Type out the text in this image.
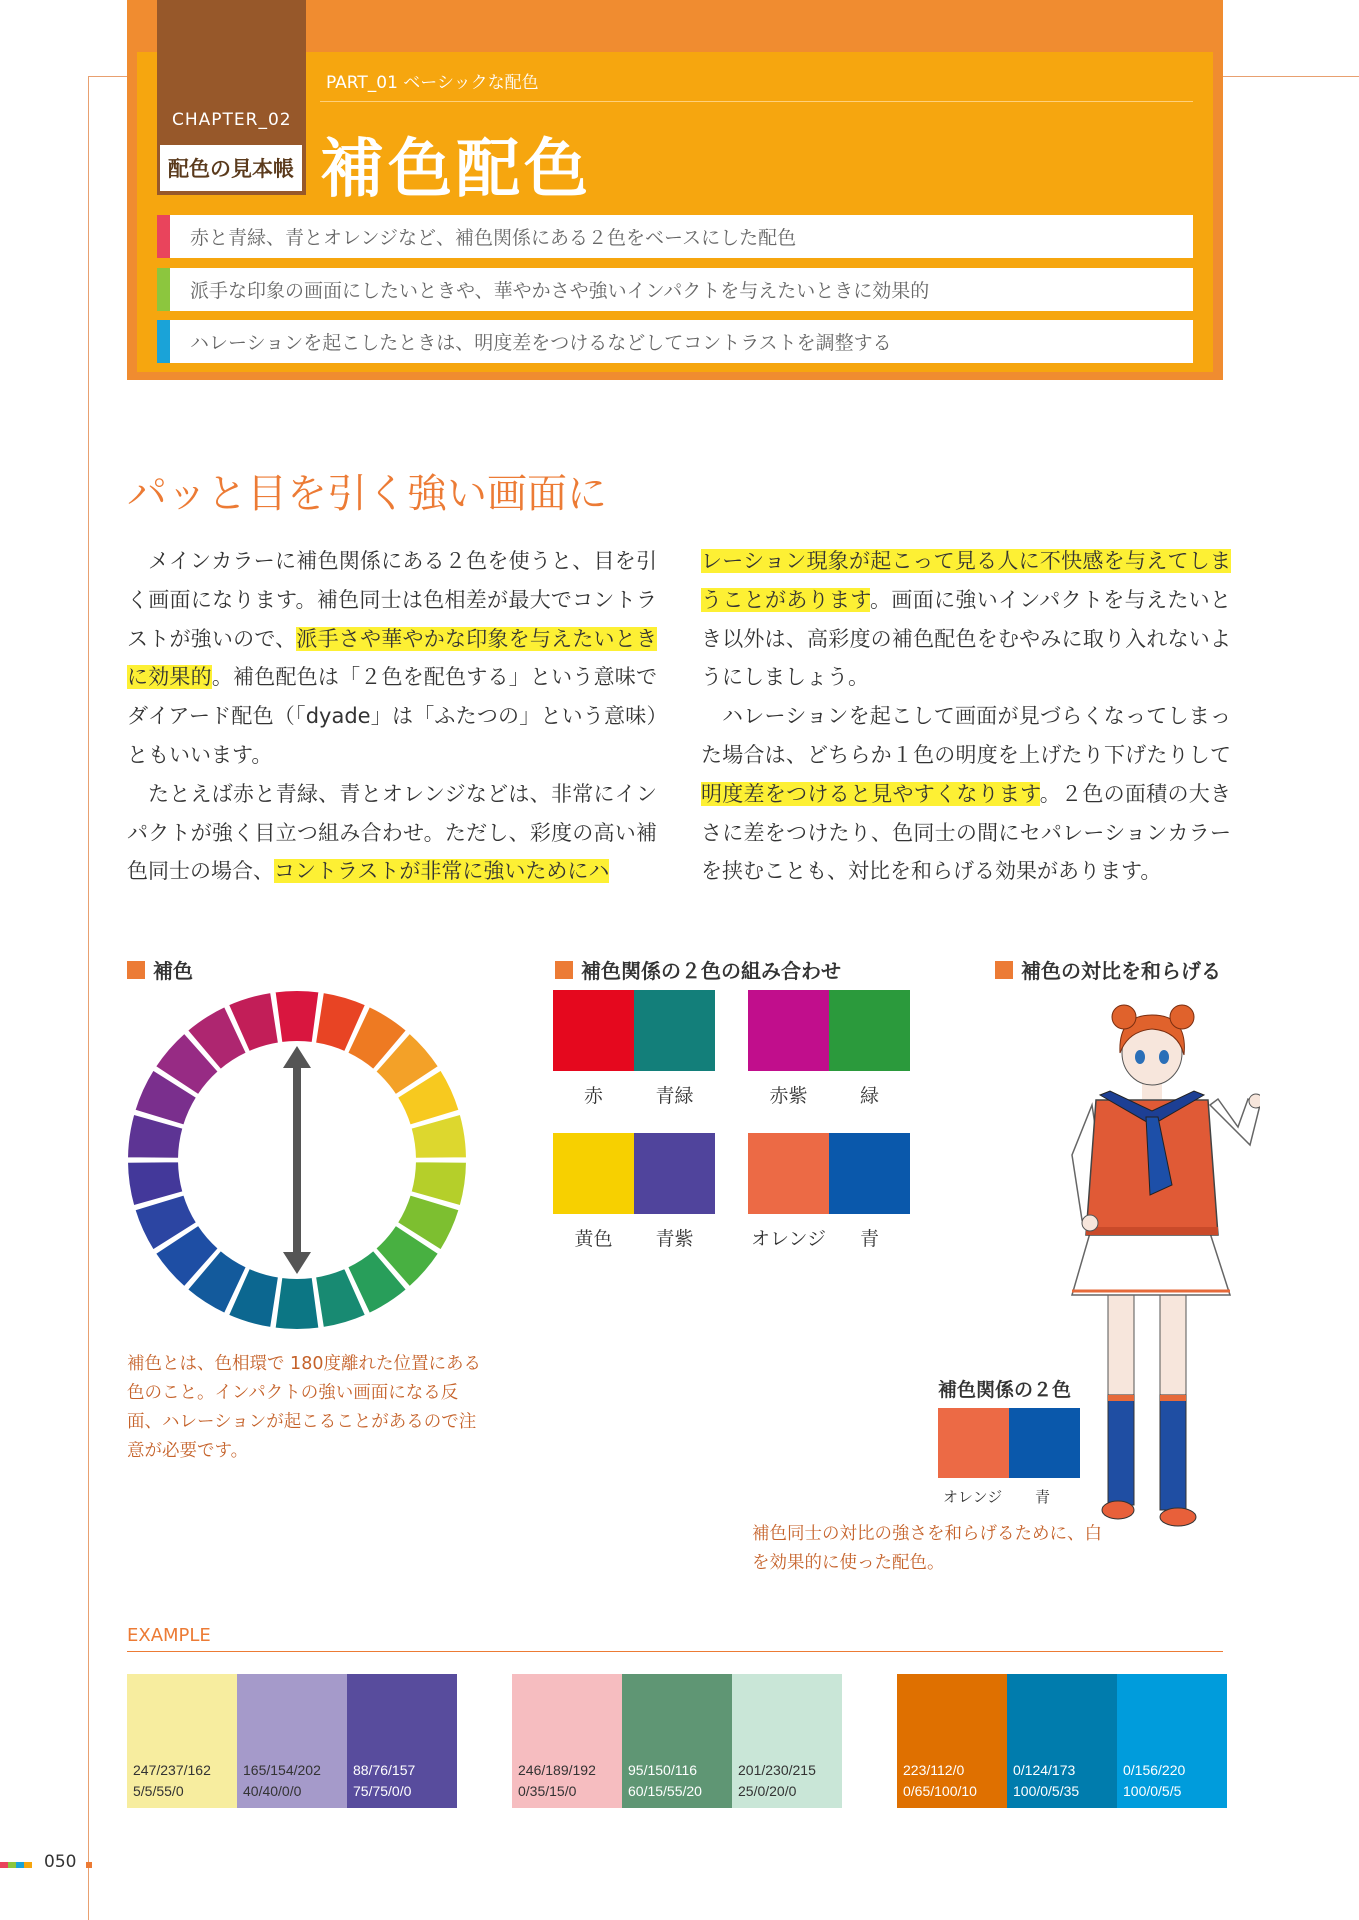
CHAPTER_02
配色の見本帳
PART_01 ベーシックな配色
補色配色
赤と青緑、青とオレンジなど、補色関係にある２色をベースにした配色
派手な印象の画面にしたいときや、華やかさや強いインパクトを与えたいときに効果的
ハレーションを起こしたときは、明度差をつけるなどしてコントラストを調整する
パッと目を引く強い画面に

メインカラーに補色関係にある２色を使うと、目を引く画面になります。補色同士は色相差が最大でコントラストが強いので、派手さや華やかな印象を与えたいときに効果的。補色配色は「２色を配色する」という意味でダイアード配色（「dyade」は「ふたつの」という意味）ともいいます。

たとえば赤と青緑、青とオレンジなどは、非常にインパクトが強く目立つ組み合わせ。ただし、彩度の高い補色同士の場合、コントラストが非常に強いためにハ

レーション現象が起こって見る人に不快感を与えてしまうことがあります。画面に強いインパクトを与えたいとき以外は、高彩度の補色配色をむやみに取り入れないようにしましょう。

ハレーションを起こして画面が見づらくなってしまった場合は、どちらか１色の明度を上げたり下げたりして明度差をつけると見やすくなります。２色の面積の大きさに差をつけたり、色同士の間にセパレーションカラーを挟むことも、対比を和らげる効果があります。

補色
補色とは、色相環で 180度離れた位置にある色のこと。インパクトの強い画面になる反面、ハレーションが起こることがあるので注意が必要です。
補色関係の２色の組み合わせ
赤	青緑	赤紫	緑
黄色	青紫	オレンジ	青
補色の対比を和らげる
補色関係の２色
オレンジ 青
補色同士の対比の強さを和らげるために、白を効果的に使った配色。
EXAMPLE
247/237/162
5/5/55/0
165/154/202
40/40/0/0
88/76/157
75/75/0/0
246/189/192
0/35/15/0
95/150/116
60/15/55/20
201/230/215
25/0/20/0
223/112/0
0/65/100/10
0/124/173
100/0/5/35
0/156/220
100/0/5/5
050
